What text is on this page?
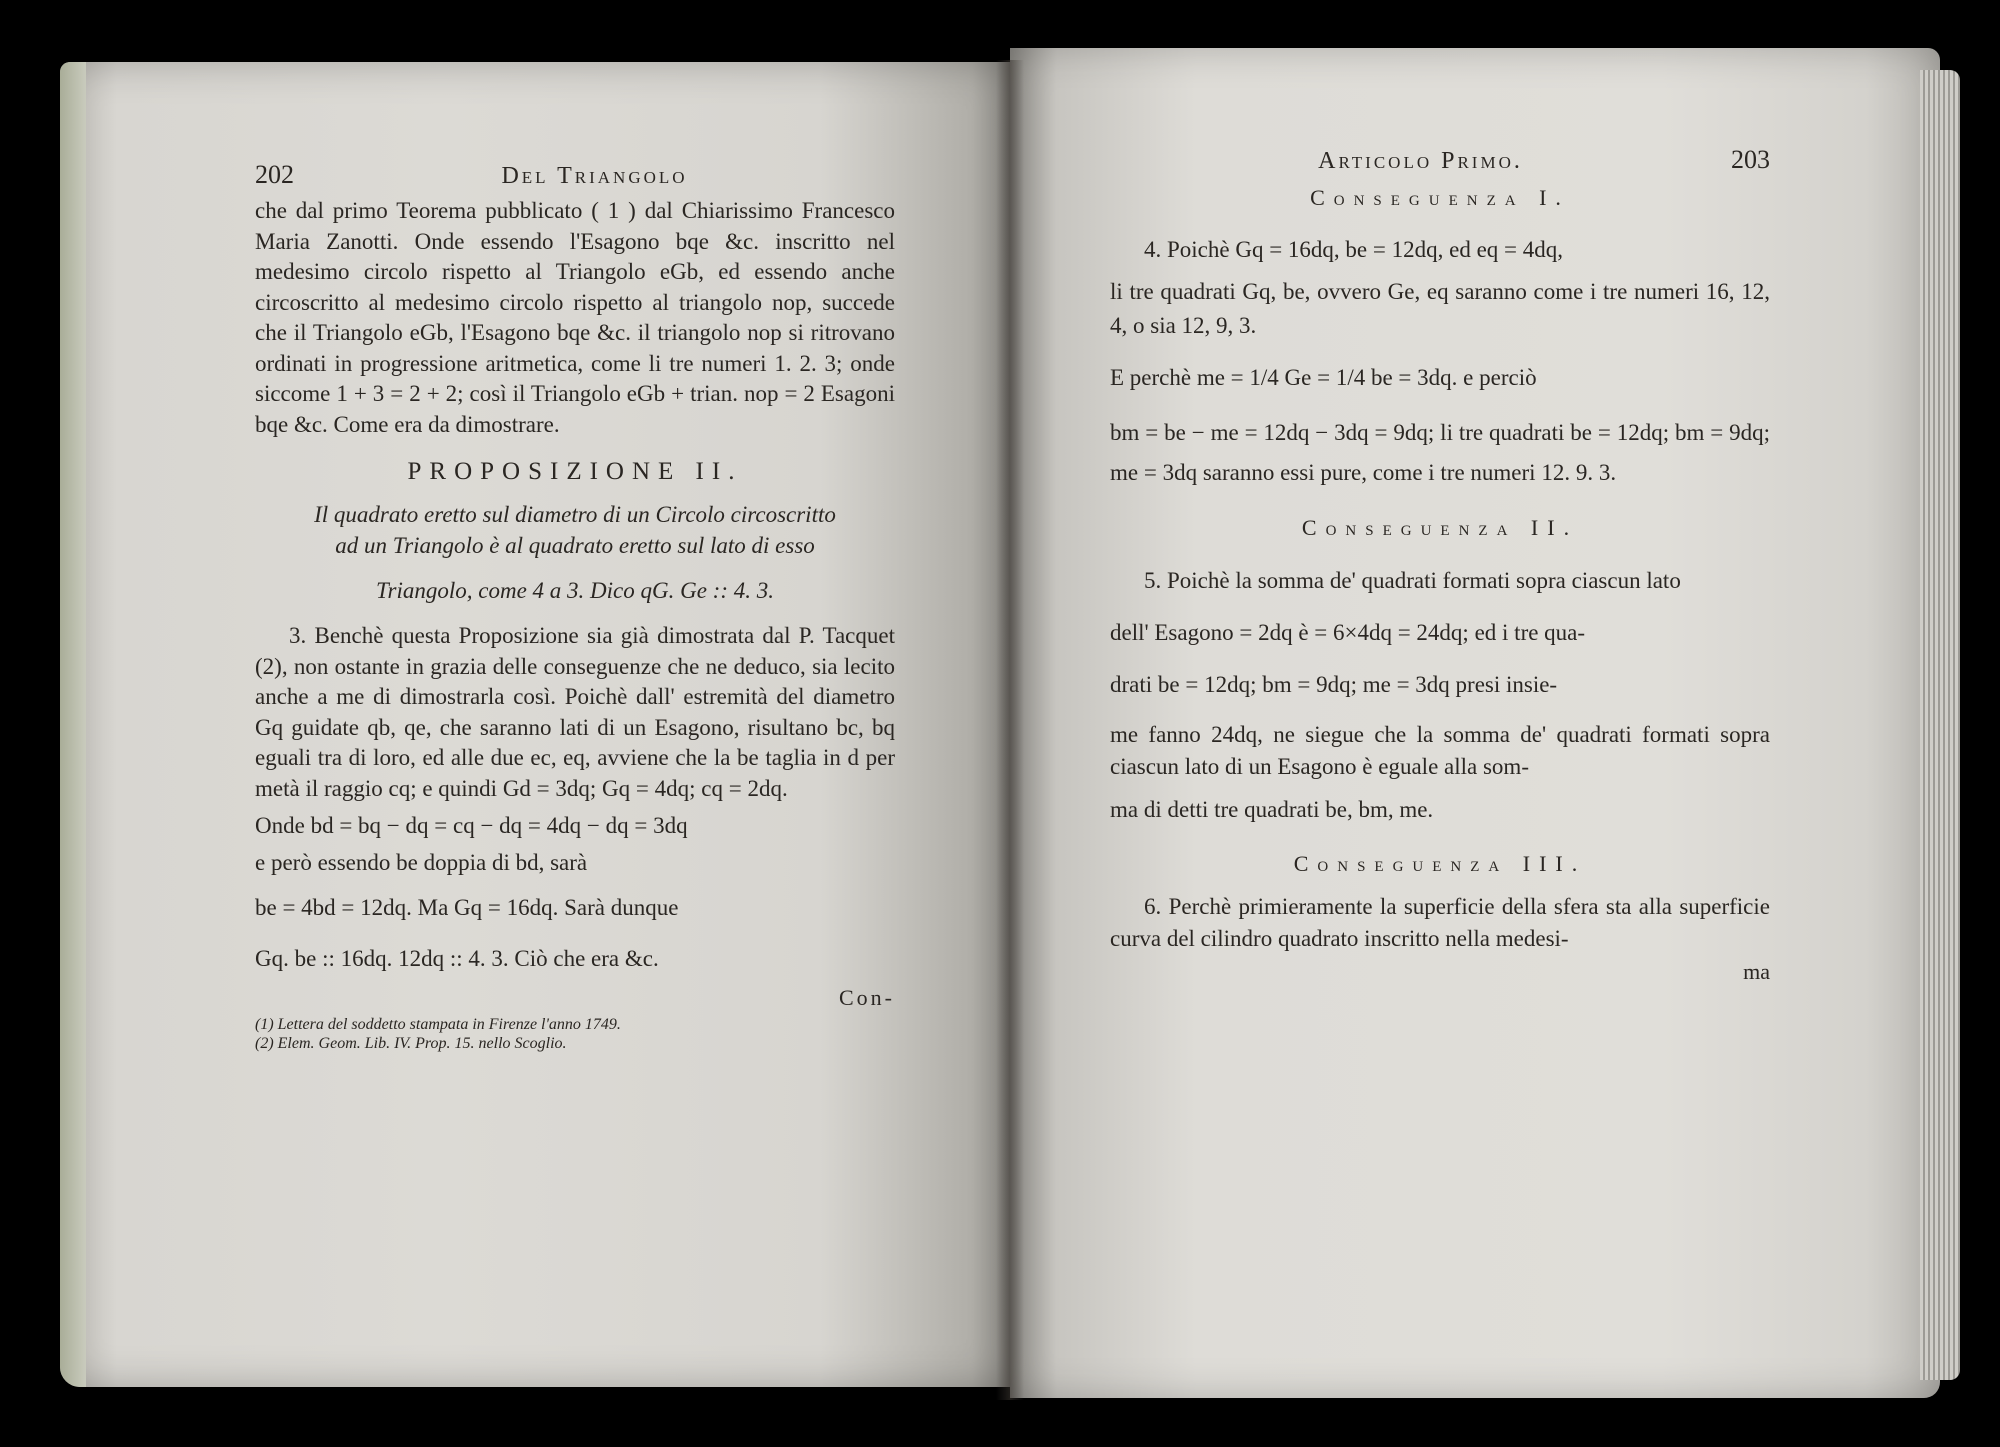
202	Del Triangolo

che dal primo Teorema pubblicato ( 1 ) dal Chiarissimo Francesco Maria Zanotti. Onde essendo l'Esagono bqe &c. inscritto nel medesimo circolo rispetto al Triangolo eGb, ed essendo anche circoscritto al medesimo circolo rispetto al triangolo nop, succede che il Triangolo eGb, l'Esagono bqe &c. il triangolo nop si ritrovano ordinati in progressione aritmetica, come li tre numeri 1. 2. 3; onde siccome 1 + 3 = 2 + 2; così il Triangolo eGb + trian. nop = 2 Esagoni bqe &c. Come era da dimostrare.

PROPOSIZIONE II.

Il quadrato eretto sul diametro di un Circolo circoscritto

ad un Triangolo è al quadrato eretto sul lato di esso

Triangolo, come 4 a 3. Dico qG. Ge :: 4. 3.

3. Benchè questa Proposizione sia già dimostrata dal P. Tacquet (2), non ostante in grazia delle conseguenze che ne deduco, sia lecito anche a me di dimostrarla così. Poichè dall' estremità del diametro Gq guidate qb, qe, che saranno lati di un Esagono, risultano bc, bq eguali tra di loro, ed alle due ec, eq, avviene che la be taglia in d per metà il raggio cq; e quindi Gd = 3dq; Gq = 4dq; cq = 2dq.

Onde bd = bq − dq = cq − dq = 4dq − dq = 3dq

e però essendo be doppia di bd, sarà

be = 4bd = 12dq. Ma Gq = 16dq. Sarà dunque

Gq. be :: 16dq. 12dq :: 4. 3. Ciò che era &c.

Con-

(1) Lettera del soddetto stampata in Firenze l'anno 1749.

(2) Elem. Geom. Lib. IV. Prop. 15. nello Scoglio.

Articolo Primo.	203
Conseguenza I.

4. Poichè Gq = 16dq, be = 12dq, ed eq = 4dq,

li tre quadrati Gq, be, ovvero Ge, eq saranno come i tre numeri 16, 12, 4, o sia 12, 9, 3.

E perchè me = 1/4 Ge = 1/4 be = 3dq. e perciò

bm = be − me = 12dq − 3dq = 9dq; li tre quadrati be = 12dq; bm = 9dq; me = 3dq saranno essi pure, come i tre numeri 12. 9. 3.

Conseguenza II.

5. Poichè la somma de' quadrati formati sopra ciascun lato

dell' Esagono = 2dq è = 6×4dq = 24dq; ed i tre qua-

drati be = 12dq; bm = 9dq; me = 3dq presi insie-

me fanno 24dq, ne siegue che la somma de' quadrati formati sopra ciascun lato di un Esagono è eguale alla som-

ma di detti tre quadrati be, bm, me.

Conseguenza III.

6. Perchè primieramente la superficie della sfera sta alla superficie curva del cilindro quadrato inscritto nella medesi-

ma
